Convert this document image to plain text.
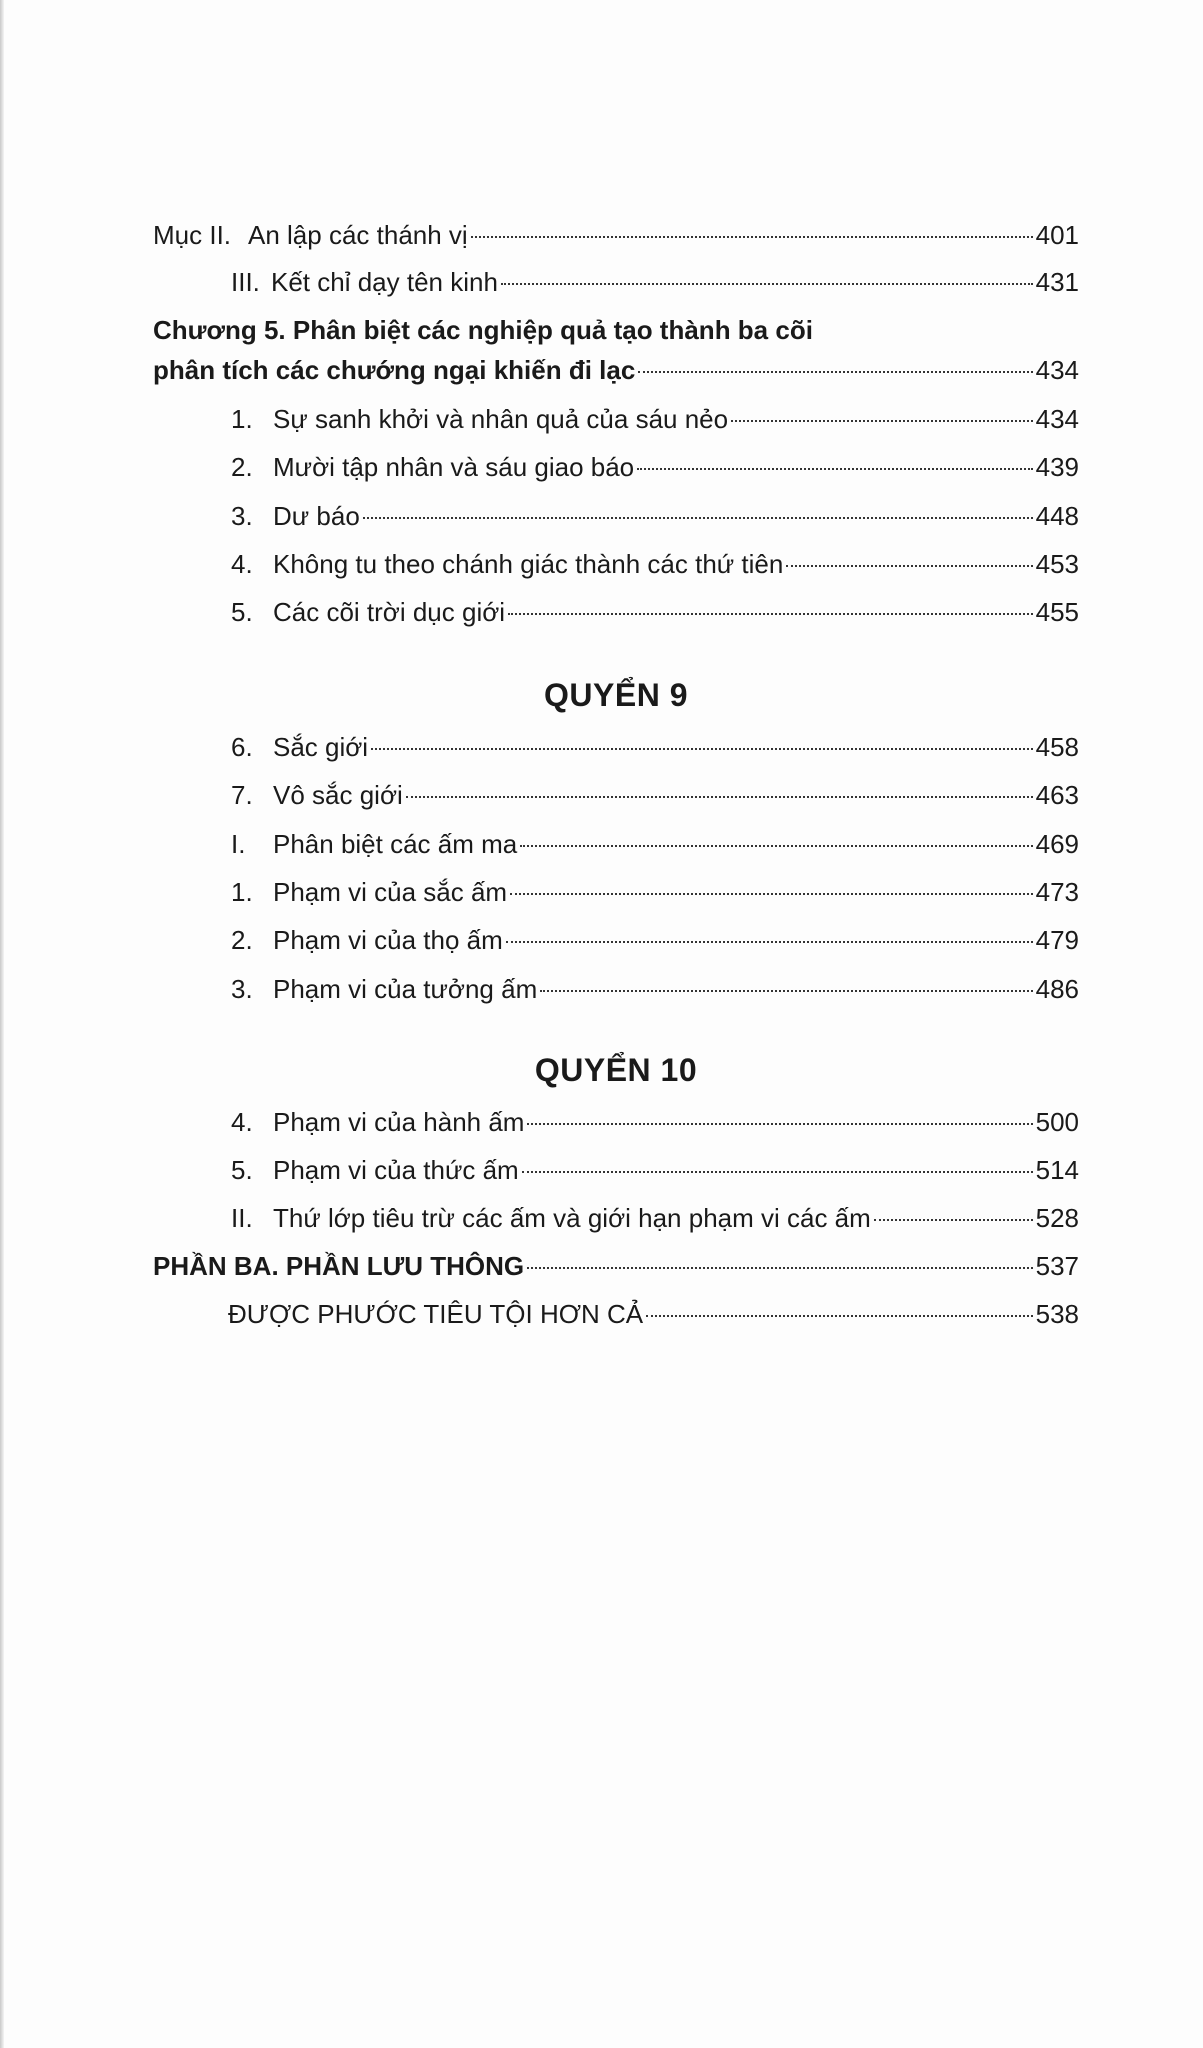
Mục II. An lập các thánh vị	401
III. Kết chỉ dạy tên kinh	431
Chương 5. Phân biệt các nghiệp quả tạo thành ba cõi
phân tích các chướng ngại khiến đi lạc	434
1. Sự sanh khởi và nhân quả của sáu nẻo	434
2. Mười tập nhân và sáu giao báo	439
3. Dư báo	448
4. Không tu theo chánh giác thành các thứ tiên	453
5. Các cõi trời dục giới	455
QUYỂN 9
6. Sắc giới	458
7. Vô sắc giới	463
I.	Phân biệt các ấm ma	469
1. Phạm vi của sắc ấm	473
2. Phạm vi của thọ ấm	479
3. Phạm vi của tưởng ấm	486
QUYỂN 10
4. Phạm vi của hành ấm	500
5. Phạm vi của thức ấm	514
II. Thứ lớp tiêu trừ các ấm và giới hạn phạm vi các ấm	528
PHẦN BA. PHẦN LƯU THÔNG	537
ĐƯỢC PHƯỚC TIÊU TỘI HƠN CẢ	538
